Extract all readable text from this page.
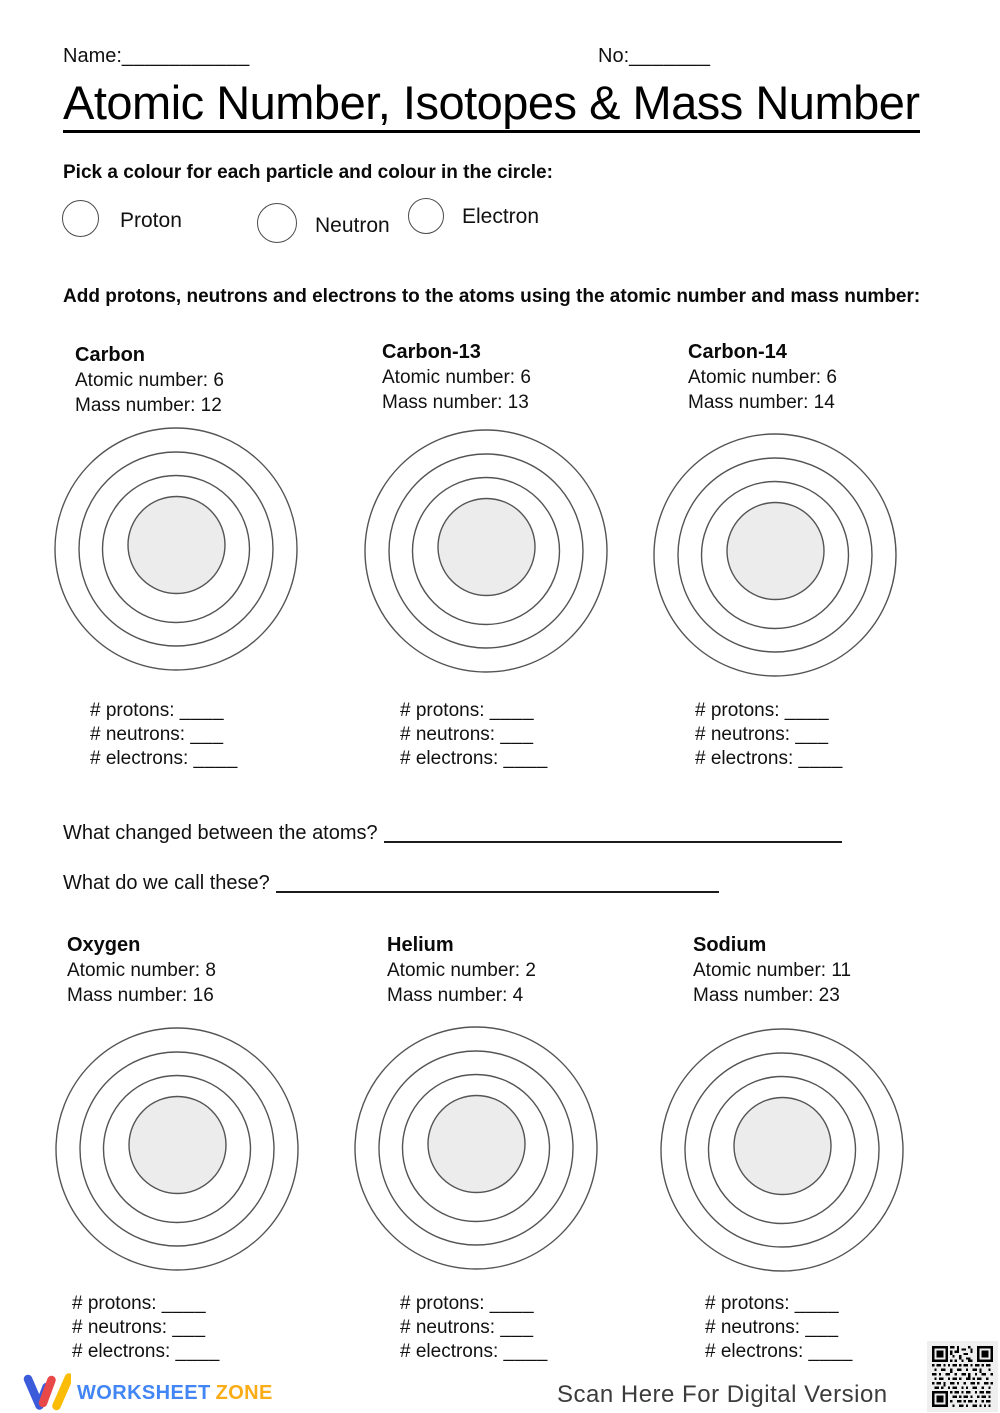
Name:___________	No:_______
Atomic Number, Isotopes & Mass Number
Pick a colour for each particle and colour in the circle:
Proton	Neutron	Electron
Add protons, neutrons and electrons to the atoms using the atomic number and mass number:
Carbon
Atomic number: 6
Mass number: 12
Carbon-13
Atomic number: 6
Mass number: 13
Carbon-14
Atomic number: 6
Mass number: 14
# protons: ____
# neutrons: ___
# electrons: ____
# protons: ____
# neutrons: ___
# electrons: ____
# protons: ____
# neutrons: ___
# electrons: ____
What changed between the atoms?
What do we call these?
Oxygen
Atomic number: 8
Mass number: 16
Helium
Atomic number: 2
Mass number: 4
Sodium
Atomic number: 11
Mass number: 23
# protons: ____
# neutrons: ___
# electrons: ____
# protons: ____
# neutrons: ___
# electrons: ____
# protons: ____
# neutrons: ___
# electrons: ____
WORKSHEET ZONE	Scan Here For Digital Version
